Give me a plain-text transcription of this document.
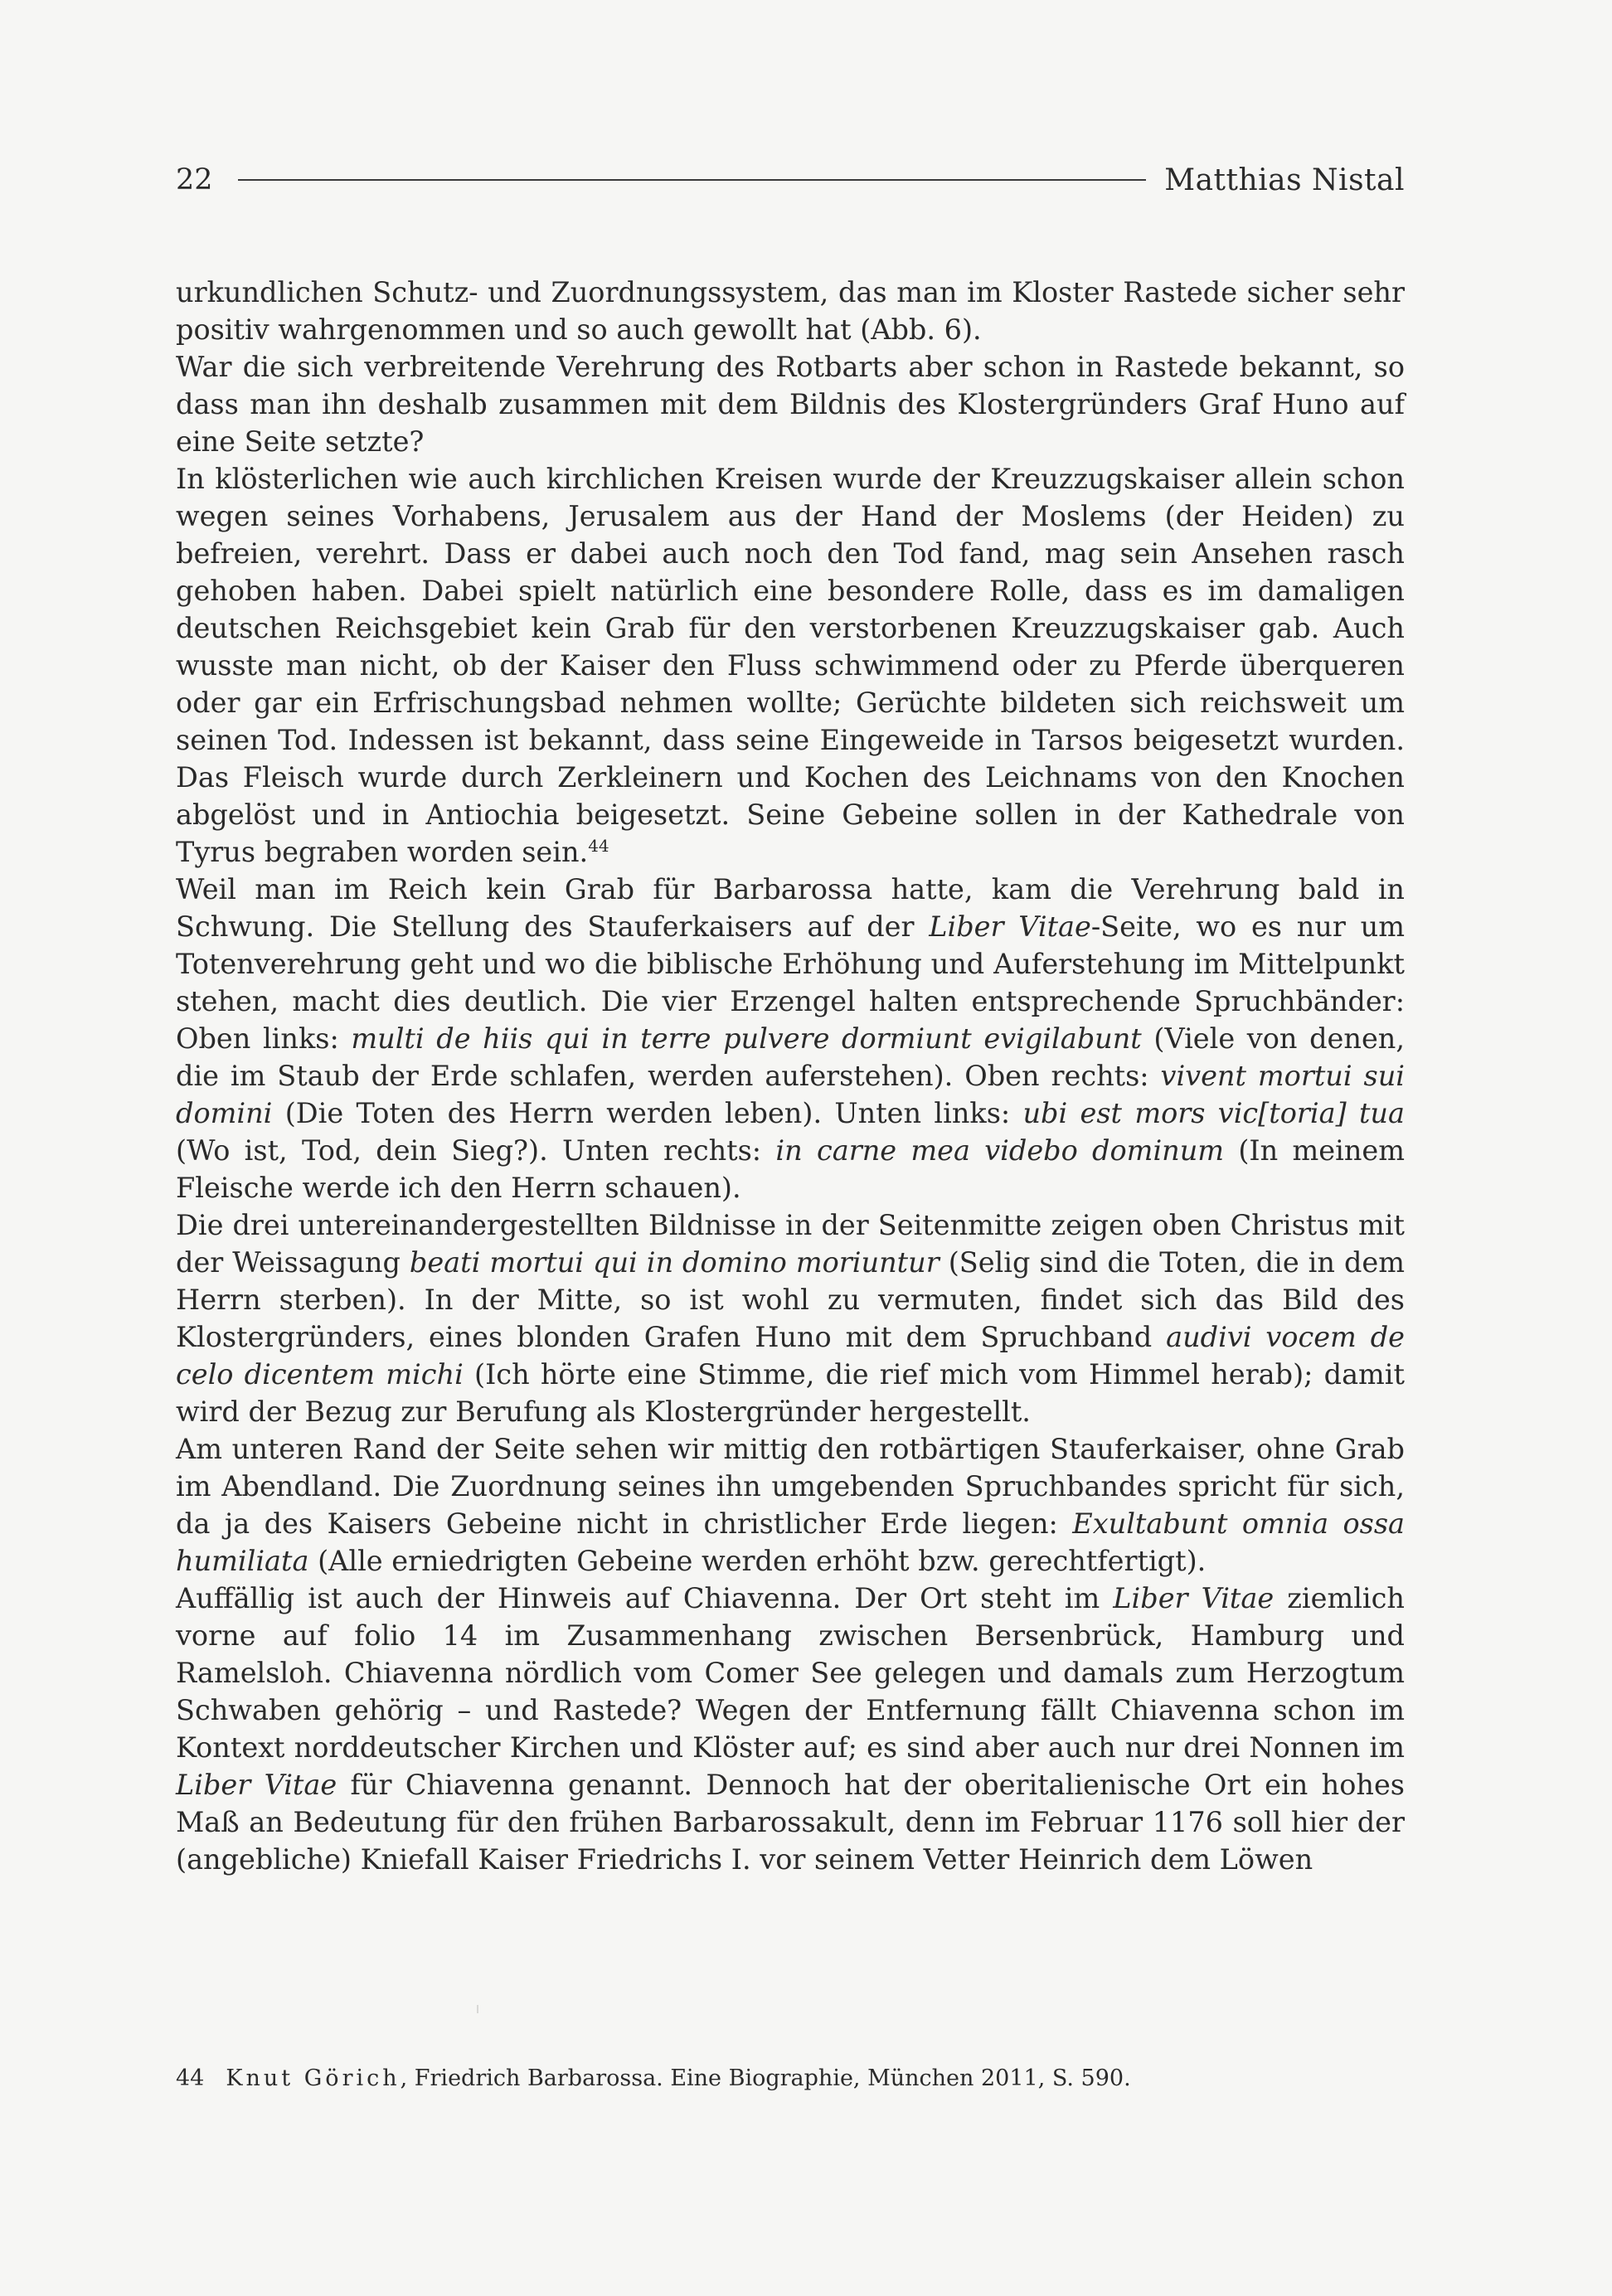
22	Matthias Nistal

urkundlichen Schutz- und Zuordnungssystem, das man im Kloster Rastede sicher sehr positiv wahrgenommen und so auch gewollt hat (Abb. 6).

War die sich verbreitende Verehrung des Rotbarts aber schon in Rastede bekannt, so dass man ihn deshalb zusammen mit dem Bildnis des Klostergründers Graf Huno auf eine Seite setzte?

In klösterlichen wie auch kirchlichen Kreisen wurde der Kreuzzugskaiser allein schon wegen seines Vorhabens, Jerusalem aus der Hand der Moslems (der Heiden) zu befreien, verehrt. Dass er dabei auch noch den Tod fand, mag sein Ansehen rasch gehoben haben. Dabei spielt natürlich eine besondere Rolle, dass es im damaligen deutschen Reichsgebiet kein Grab für den verstorbenen Kreuzzugskaiser gab. Auch wusste man nicht, ob der Kaiser den Fluss schwimmend oder zu Pferde überqueren oder gar ein Erfrischungsbad nehmen wollte; Gerüchte bildeten sich reichsweit um seinen Tod. Indessen ist bekannt, dass seine Eingeweide in Tarsos beigesetzt wurden. Das Fleisch wurde durch Zerkleinern und Kochen des Leichnams von den Knochen abgelöst und in Antiochia beigesetzt. Seine Gebeine sollen in der Kathedrale von Tyrus begraben worden sein.$^{44}$

Weil man im Reich kein Grab für Barbarossa hatte, kam die Verehrung bald in Schwung. Die Stellung des Stauferkaisers auf der Liber Vitae-Seite, wo es nur um Totenverehrung geht und wo die biblische Erhöhung und Auferstehung im Mittelpunkt stehen, macht dies deutlich. Die vier Erzengel halten entsprechende Spruchbänder: Oben links: multi de hiis qui in terre pulvere dormiunt evigilabunt (Viele von denen, die im Staub der Erde schlafen, werden auferstehen). Oben rechts: vivent mortui sui domini (Die Toten des Herrn werden leben). Unten links: ubi est mors vic[toria] tua (Wo ist, Tod, dein Sieg?). Unten rechts: in carne mea videbo dominum (In meinem Fleische werde ich den Herrn schauen).

Die drei untereinandergestellten Bildnisse in der Seitenmitte zeigen oben Christus mit der Weissagung beati mortui qui in domino moriuntur (Selig sind die Toten, die in dem Herrn sterben). In der Mitte, so ist wohl zu vermuten, findet sich das Bild des Klostergründers, eines blonden Grafen Huno mit dem Spruchband audivi vocem de celo dicentem michi (Ich hörte eine Stimme, die rief mich vom Himmel herab); damit wird der Bezug zur Berufung als Klostergründer hergestellt.

Am unteren Rand der Seite sehen wir mittig den rotbärtigen Stauferkaiser, ohne Grab im Abendland. Die Zuordnung seines ihn umgebenden Spruchbandes spricht für sich, da ja des Kaisers Gebeine nicht in christlicher Erde liegen: Exultabunt omnia ossa humiliata (Alle erniedrigten Gebeine werden erhöht bzw. gerechtfertigt).

Auffällig ist auch der Hinweis auf Chiavenna. Der Ort steht im Liber Vitae ziemlich vorne auf folio 14 im Zusammenhang zwischen Bersenbrück, Hamburg und Ramelsloh. Chiavenna nördlich vom Comer See gelegen und damals zum Herzogtum Schwaben gehörig – und Rastede? Wegen der Entfernung fällt Chiavenna schon im Kontext norddeutscher Kirchen und Klöster auf; es sind aber auch nur drei Nonnen im Liber Vitae für Chiavenna genannt. Dennoch hat der oberitalienische Ort ein hohes Maß an Bedeutung für den frühen Barbarossakult, denn im Februar 1176 soll hier der (angebliche) Kniefall Kaiser Friedrichs I. vor seinem Vetter Heinrich dem Löwen

44 Knut Görich, Friedrich Barbarossa. Eine Biographie, München 2011, S. 590.
